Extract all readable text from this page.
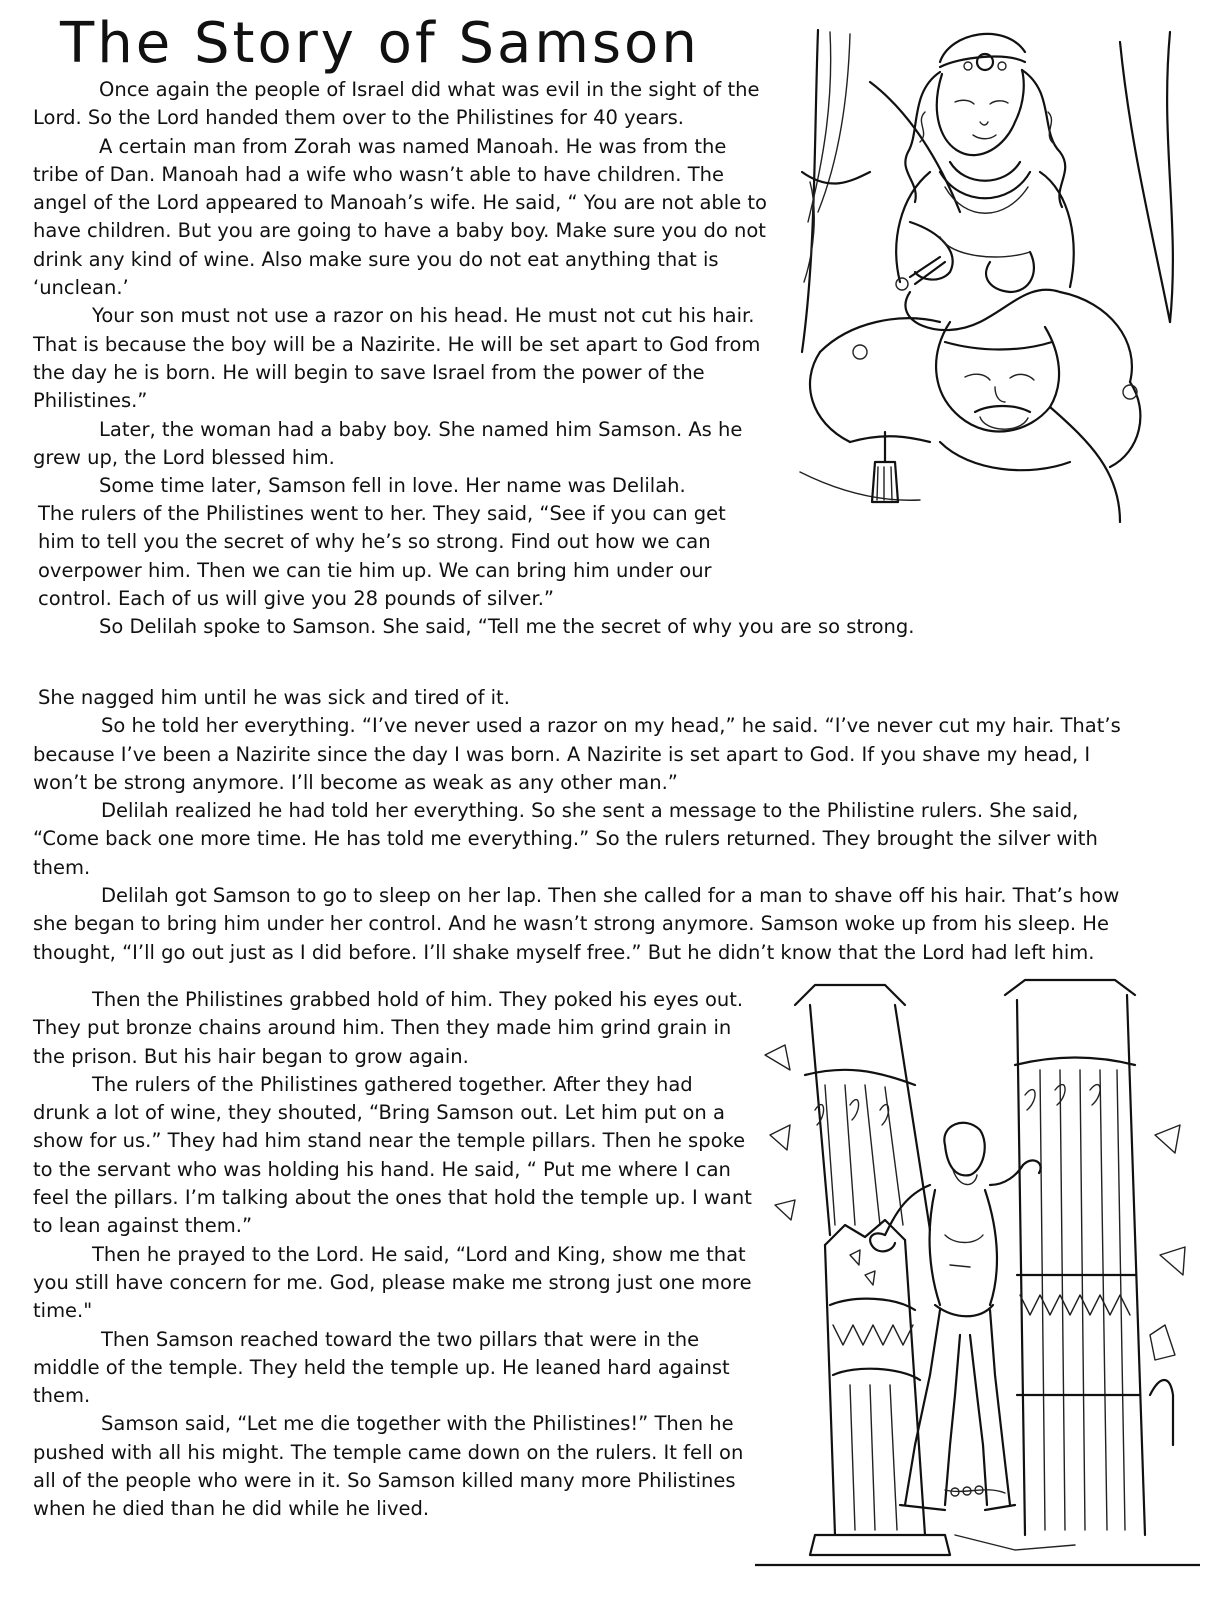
The Story of Samson

Once again the people of Israel did what was evil in the sight of the Lord. So the Lord handed them over to the Philistines for 40 years.

A certain man from Zorah was named Manoah. He was from the tribe of Dan. Manoah had a wife who wasn’t able to have children. The angel of the Lord appeared to Manoah’s wife. He said, “ You are not able to have children. But you are going to have a baby boy. Make sure you do not drink any kind of wine. Also make sure you do not eat anything that is ‘unclean.’

Your son must not use a razor on his head. He must not cut his hair. That is because the boy will be a Nazirite. He will be set apart to God from the day he is born. He will begin to save Israel from the power of the Philistines.”

Later, the woman had a baby boy. She named him Samson. As he grew up, the Lord blessed him.

Some time later, Samson fell in love. Her name was Delilah.

The rulers of the Philistines went to her. They said, “See if you can get him to tell you the secret of why he’s so strong. Find out how we can overpower him. Then we can tie him up. We can bring him under our control. Each of us will give you 28 pounds of silver.”

So Delilah spoke to Samson. She said, “Tell me the secret of why you are so strong.

She nagged him until he was sick and tired of it.

So he told her everything. “I’ve never used a razor on my head,” he said. “I’ve never cut my hair. That’s because I’ve been a Nazirite since the day I was born. A Nazirite is set apart to God. If you shave my head, I won’t be strong anymore. I’ll become as weak as any other man.”

Delilah realized he had told her everything. So she sent a message to the Philistine rulers. She said, “Come back one more time. He has told me everything.” So the rulers returned. They brought the silver with them.

Delilah got Samson to go to sleep on her lap. Then she called for a man to shave off his hair. That’s how she began to bring him under her control. And he wasn’t strong anymore. Samson woke up from his sleep. He thought, “I’ll go out just as I did before. I’ll shake myself free.” But he didn’t know that the Lord had left him.

Then the Philistines grabbed hold of him. They poked his eyes out. They put bronze chains around him. Then they made him grind grain in the prison. But his hair began to grow again.

The rulers of the Philistines gathered together. After they had drunk a lot of wine, they shouted, “Bring Samson out. Let him put on a show for us.” They had him stand near the temple pillars. Then he spoke to the servant who was holding his hand. He said, “ Put me where I can feel the pillars. I’m talking about the ones that hold the temple up. I want to lean against them.”

Then he prayed to the Lord. He said, “Lord and King, show me that you still have concern for me. God, please make me strong just one more time."

Then Samson reached toward the two pillars that were in the middle of the temple. They held the temple up. He leaned hard against them.

Samson said, “Let me die together with the Philistines!” Then he pushed with all his might. The temple came down on the rulers. It fell on all of the people who were in it. So Samson killed many more Philistines when he died than he did while he lived.
